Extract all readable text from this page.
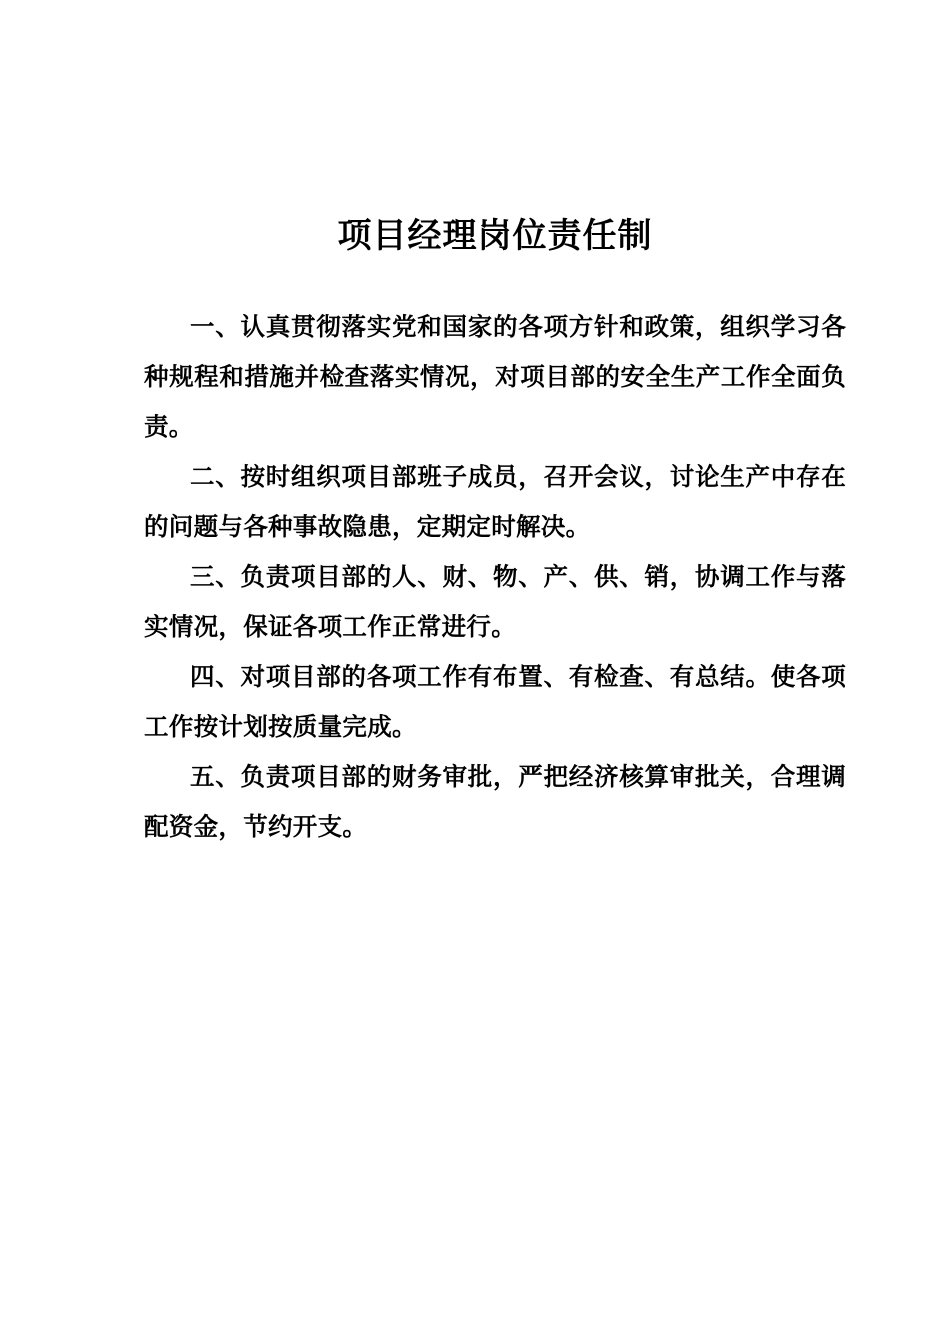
项目经理岗位责任制

一、认真贯彻落实党和国家的各项方针和政策，组织学习各种规程和措施并检查落实情况，对项目部的安全生产工作全面负责。

二、按时组织项目部班子成员，召开会议，讨论生产中存在的问题与各种事故隐患，定期定时解决。

三、负责项目部的人、财、物、产、供、销，协调工作与落实情况，保证各项工作正常进行。

四、对项目部的各项工作有布置、有检查、有总结。使各项工作按计划按质量完成。

五、负责项目部的财务审批，严把经济核算审批关，合理调配资金，节约开支。
